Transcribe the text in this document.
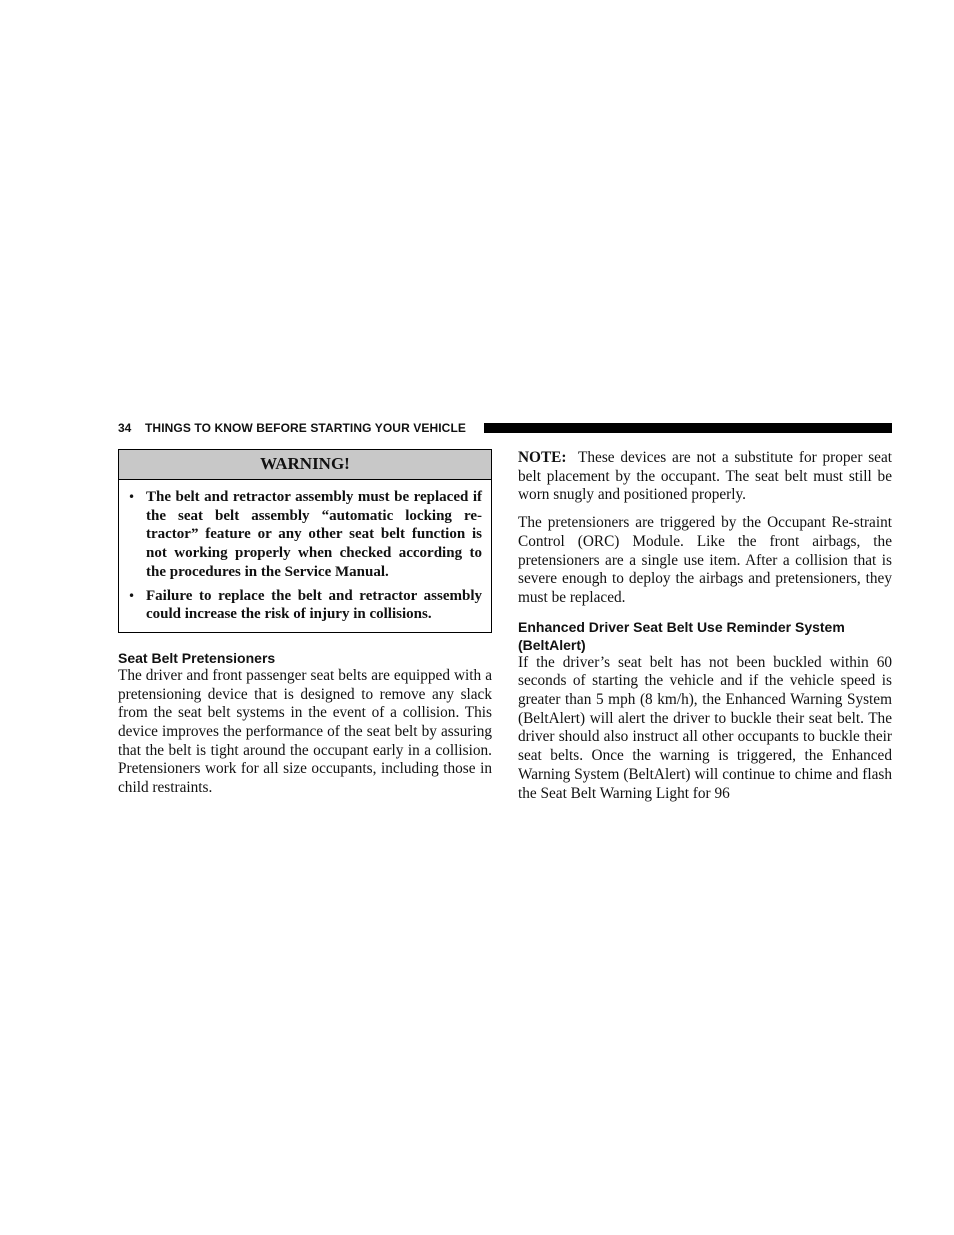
34 THINGS TO KNOW BEFORE STARTING YOUR VEHICLE
WARNING!
• The belt and retractor assembly must be replaced if the seat belt assembly “automatic locking re-tractor” feature or any other seat belt function is not working properly when checked according to the procedures in the Service Manual.
• Failure to replace the belt and retractor assembly could increase the risk of injury in collisions.
Seat Belt Pretensioners

The driver and front passenger seat belts are equipped with a pretensioning device that is designed to remove any slack from the seat belt systems in the event of a collision. This device improves the performance of the seat belt by assuring that the belt is tight around the occupant early in a collision. Pretensioners work for all size occupants, including those in child restraints.

NOTE: These devices are not a substitute for proper seat belt placement by the occupant. The seat belt must still be worn snugly and positioned properly.

The pretensioners are triggered by the Occupant Re-straint Control (ORC) Module. Like the front airbags, the pretensioners are a single use item. After a collision that is severe enough to deploy the airbags and pretensioners, they must be replaced.

Enhanced Driver Seat Belt Use Reminder System (BeltAlert)

If the driver’s seat belt has not been buckled within 60 seconds of starting the vehicle and if the vehicle speed is greater than 5 mph (8 km/h), the Enhanced Warning System (BeltAlert) will alert the driver to buckle their seat belt. The driver should also instruct all other occupants to buckle their seat belts. Once the warning is triggered, the Enhanced Warning System (BeltAlert) will continue to chime and flash the Seat Belt Warning Light for 96
